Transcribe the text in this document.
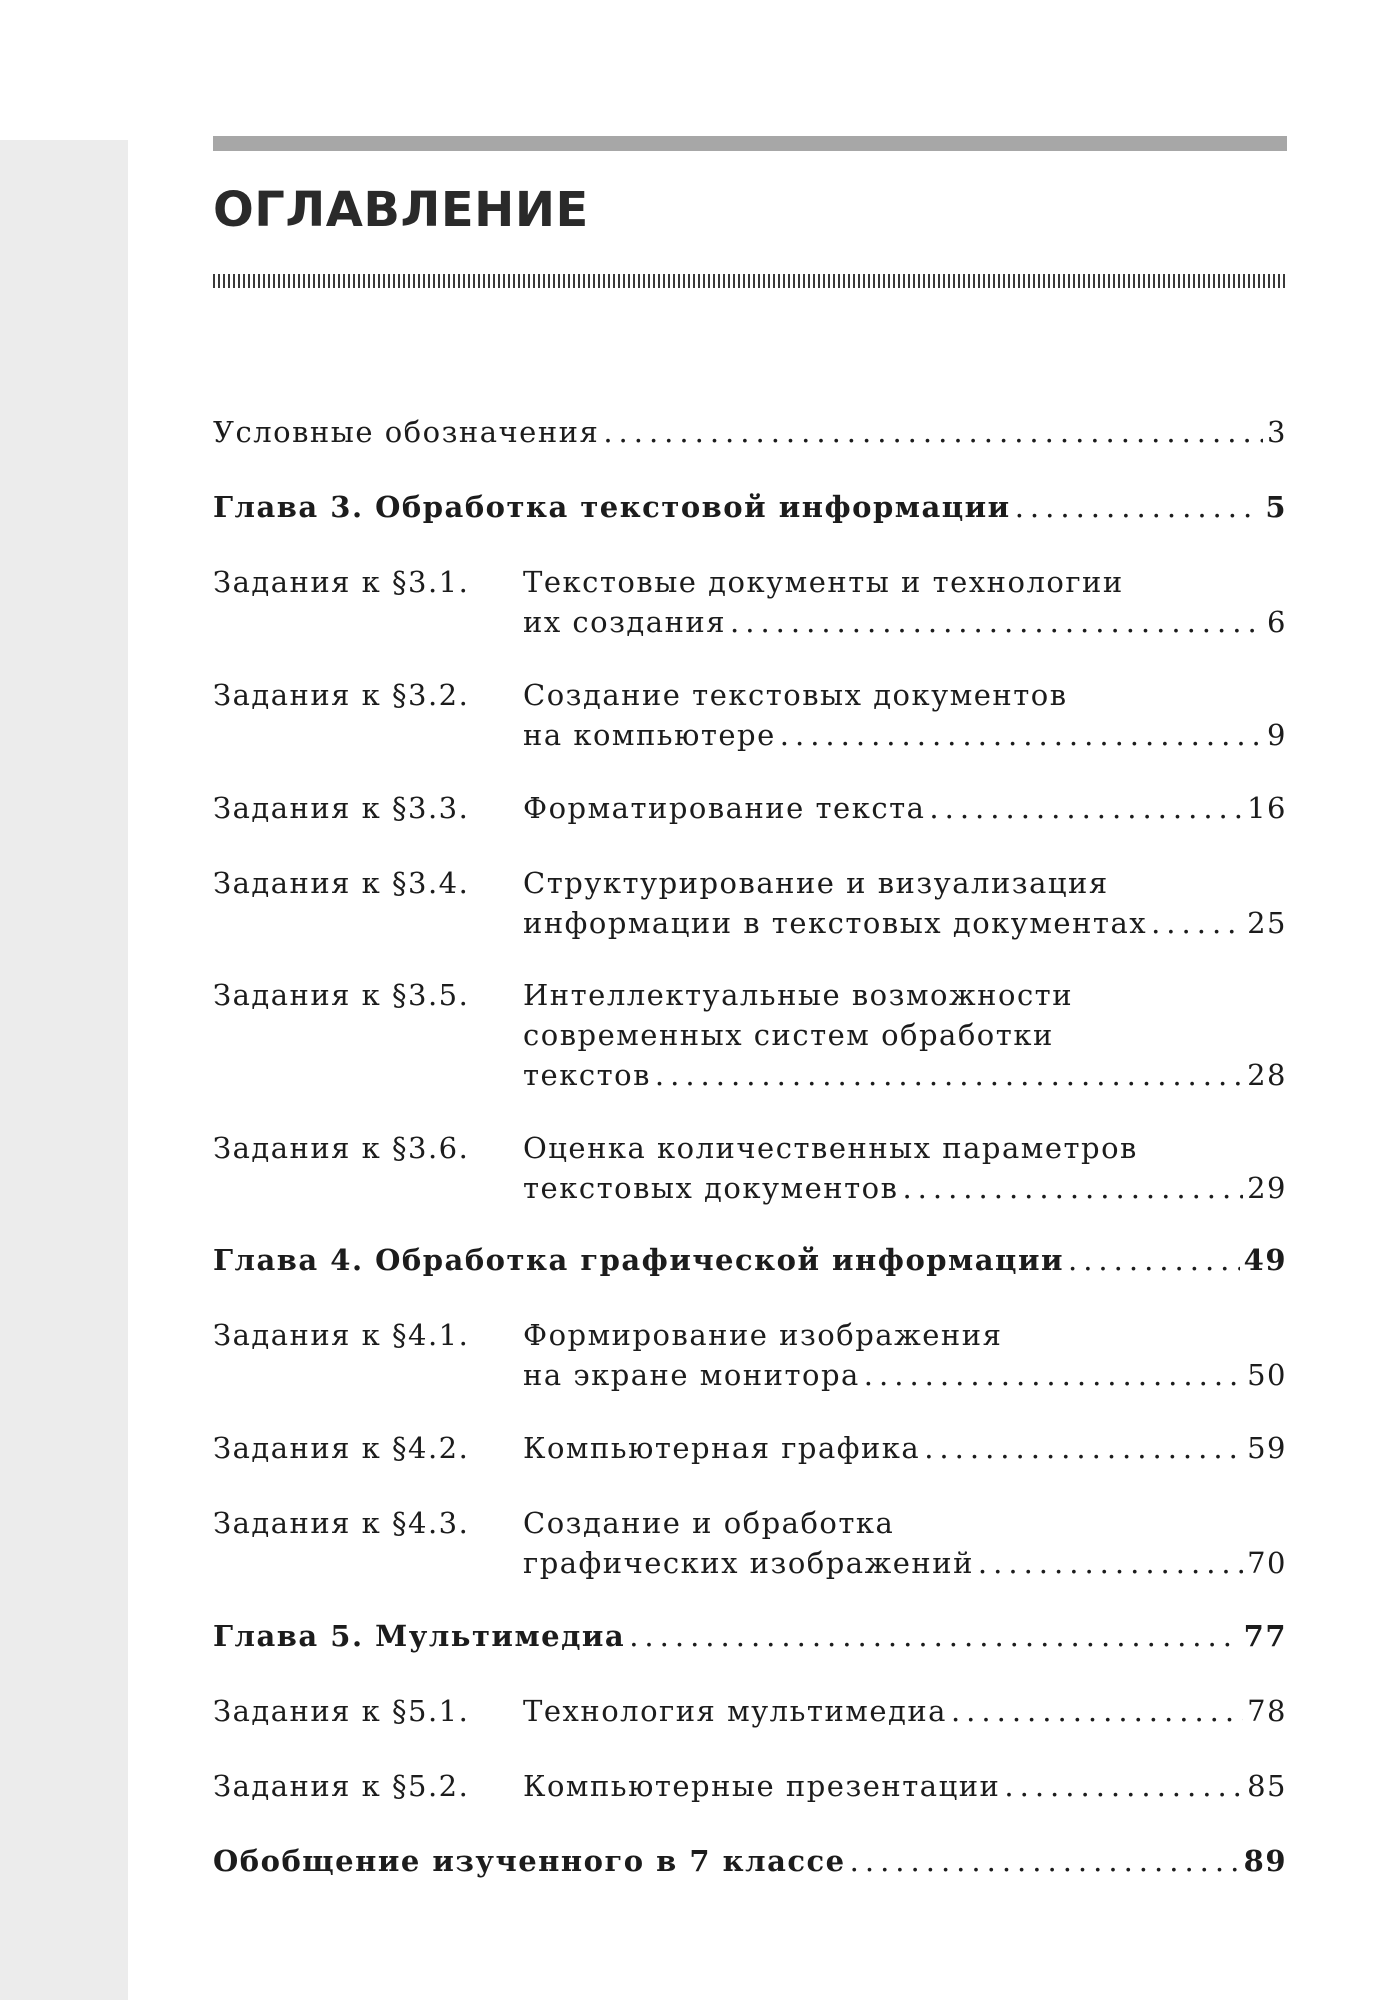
ОГЛАВЛЕНИЕ
Условные обозначения .....	3
Глава 3. Обработка текстовой информации .....	5
Задания к §3.1.	Текстовые документы и технологии
их создания .....	6
Задания к §3.2.	Создание текстовых документов
на компьютере .....	9
Задания к §3.3.	Форматирование текста .....	16
Задания к §3.4.	Структурирование и визуализация
информации в текстовых документах .....	25
Задания к §3.5.	Интеллектуальные возможности
современных систем обработки
текстов .....	28
Задания к §3.6.	Оценка количественных параметров
текстовых документов .....	29
Глава 4. Обработка графической информации .....	49
Задания к §4.1.	Формирование изображения
на экране монитора .....	50
Задания к §4.2.	Компьютерная графика .....	59
Задания к §4.3.	Создание и обработка
графических изображений .....	70
Глава 5. Мультимедиа .....	77
Задания к §5.1.	Технология мультимедиа .....	78
Задания к §5.2.	Компьютерные презентации .....	85
Обобщение изученного в 7 классе .....	89
